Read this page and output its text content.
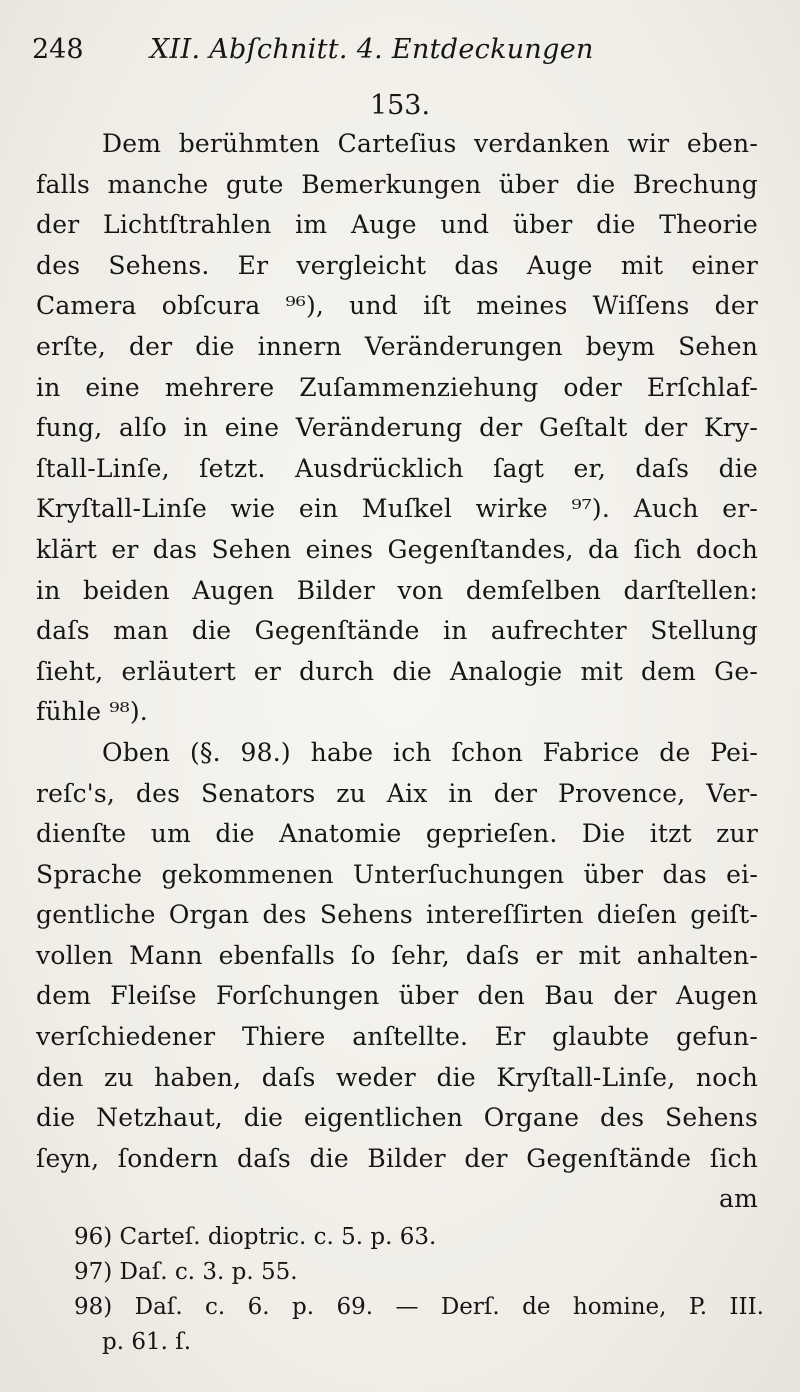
248 XII. Abſchnitt. 4. Entdeckungen
153.
Dem berühmten Carteſius verdanken wir eben-
falls manche gute Bemerkungen über die Brechung
der Lichtſtrahlen im Auge und über die Theorie
des Sehens. Er vergleicht das Auge mit einer
Camera obſcura ⁹⁶), und iſt meines Wiſſens der
erſte, der die innern Veränderungen beym Sehen
in eine mehrere Zuſammenziehung oder Erſchlaf-
fung, alſo in eine Veränderung der Geſtalt der Kry-
ſtall-Linſe, ſetzt. Ausdrücklich ſagt er, daſs die
Kryſtall-Linſe wie ein Muſkel wirke ⁹⁷). Auch er-
klärt er das Sehen eines Gegenſtandes, da ſich doch
in beiden Augen Bilder von demſelben darſtellen:
daſs man die Gegenſtände in aufrechter Stellung
ſieht, erläutert er durch die Analogie mit dem Ge-
fühle ⁹⁸).
Oben (§. 98.) habe ich ſchon Fabrice de Pei-
reſc's, des Senators zu Aix in der Provence, Ver-
dienſte um die Anatomie geprieſen. Die itzt zur
Sprache gekommenen Unterſuchungen über das ei-
gentliche Organ des Sehens intereſſirten dieſen geiſt-
vollen Mann ebenfalls ſo ſehr, daſs er mit anhalten-
dem Fleiſse Forſchungen über den Bau der Augen
verſchiedener Thiere anſtellte. Er glaubte gefun-
den zu haben, daſs weder die Kryſtall-Linſe, noch
die Netzhaut, die eigentlichen Organe des Sehens
ſeyn, ſondern daſs die Bilder der Gegenſtände ſich
am
96) Carteſ. dioptric. c. 5. p. 63.
97) Daſ. c. 3. p. 55.
98) Daſ. c. 6. p. 69. — Derſ. de homine, P. III.
p. 61. ſ.
